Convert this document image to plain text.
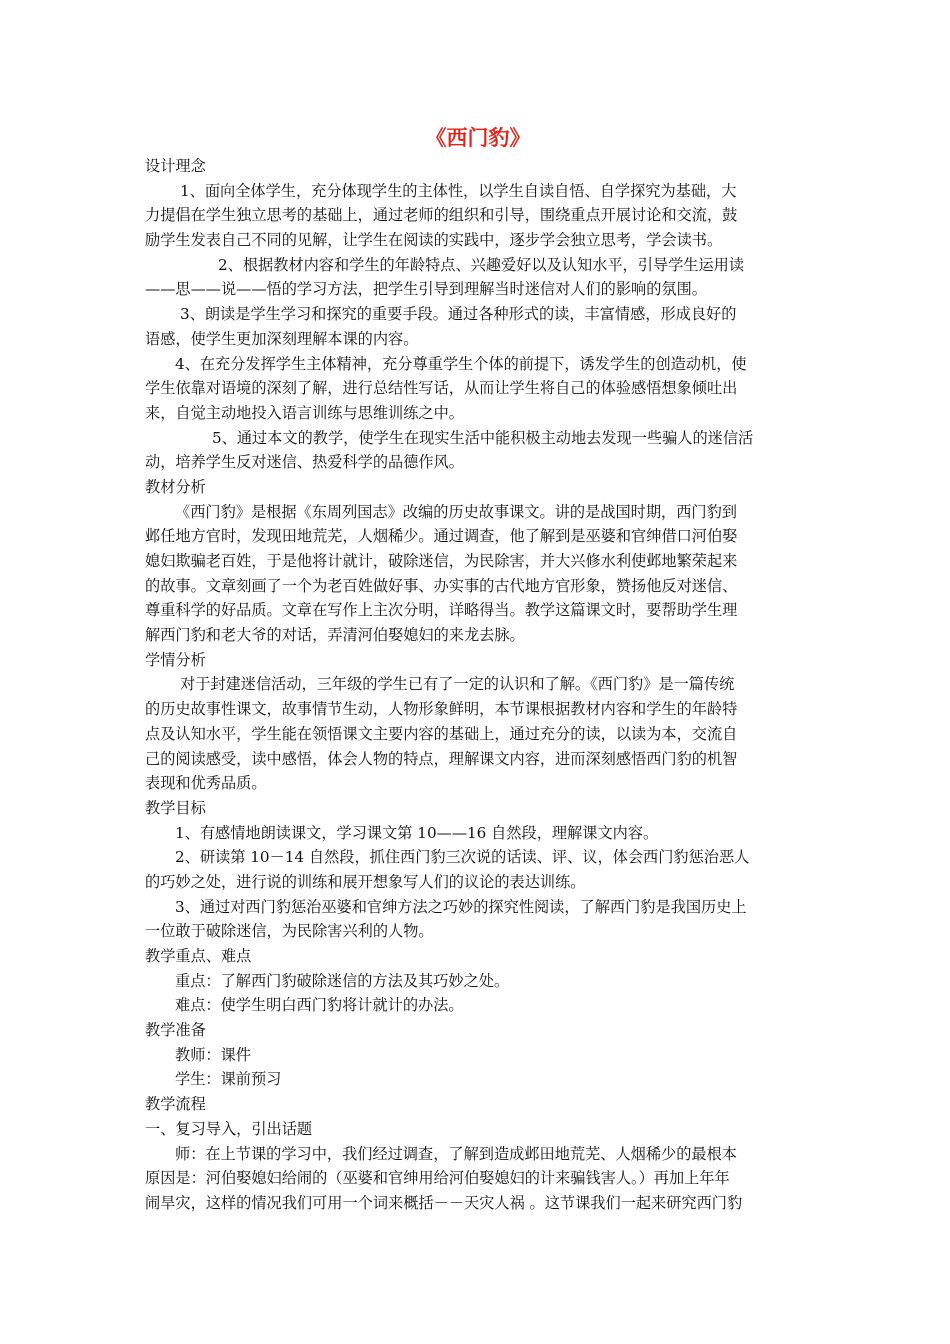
《西门豹》
设计理念
1、面向全体学生，充分体现学生的主体性，以学生自读自悟、自学探究为基础，大
力提倡在学生独立思考的基础上，通过老师的组织和引导，围绕重点开展讨论和交流，鼓
励学生发表自己不同的见解，让学生在阅读的实践中，逐步学会独立思考，学会读书。
2、根据教材内容和学生的年龄特点、兴趣爱好以及认知水平，引导学生运用读
——思——说——悟的学习方法，把学生引导到理解当时迷信对人们的影响的氛围。
3、朗读是学生学习和探究的重要手段。通过各种形式的读，丰富情感，形成良好的
语感，使学生更加深刻理解本课的内容。
4、在充分发挥学生主体精神，充分尊重学生个体的前提下，诱发学生的创造动机，使
学生依靠对语境的深刻了解，进行总结性写话，从而让学生将自己的体验感悟想象倾吐出
来，自觉主动地投入语言训练与思维训练之中。
5、通过本文的教学，使学生在现实生活中能积极主动地去发现一些骗人的迷信活
动，培养学生反对迷信、热爱科学的品德作风。
教材分析
《西门豹》是根据《东周列国志》改编的历史故事课文。讲的是战国时期，西门豹到
邺任地方官时，发现田地荒芜，人烟稀少。通过调查，他了解到是巫婆和官绅借口河伯娶
媳妇欺骗老百姓，于是他将计就计，破除迷信，为民除害，并大兴修水利使邺地繁荣起来
的故事。文章刻画了一个为老百姓做好事、办实事的古代地方官形象，赞扬他反对迷信、
尊重科学的好品质。文章在写作上主次分明，详略得当。教学这篇课文时，要帮助学生理
解西门豹和老大爷的对话，弄清河伯娶媳妇的来龙去脉。
学情分析
对于封建迷信活动，三年级的学生已有了一定的认识和了解。《西门豹》是一篇传统
的历史故事性课文，故事情节生动，人物形象鲜明，本节课根据教材内容和学生的年龄特
点及认知水平，学生能在领悟课文主要内容的基础上，通过充分的读，以读为本，交流自
己的阅读感受，读中感悟，体会人物的特点，理解课文内容，进而深刻感悟西门豹的机智
表现和优秀品质。
教学目标
1、有感情地朗读课文，学习课文第 10——16 自然段，理解课文内容。
2、研读第 10－14 自然段，抓住西门豹三次说的话读、评、议，体会西门豹惩治恶人
的巧妙之处，进行说的训练和展开想象写人们的议论的表达训练。
3、通过对西门豹惩治巫婆和官绅方法之巧妙的探究性阅读，了解西门豹是我国历史上
一位敢于破除迷信，为民除害兴利的人物。
教学重点、难点
重点：了解西门豹破除迷信的方法及其巧妙之处。
难点：使学生明白西门豹将计就计的办法。
教学准备
教师：课件
学生：课前预习
教学流程
一、复习导入，引出话题
师：在上节课的学习中，我们经过调查，了解到造成邺田地荒芜、人烟稀少的最根本
原因是：河伯娶媳妇给闹的（巫婆和官绅用给河伯娶媳妇的计来骗钱害人。）再加上年年
闹旱灾，这样的情况我们可用一个词来概括－－天灾人祸 。这节课我们一起来研究西门豹
